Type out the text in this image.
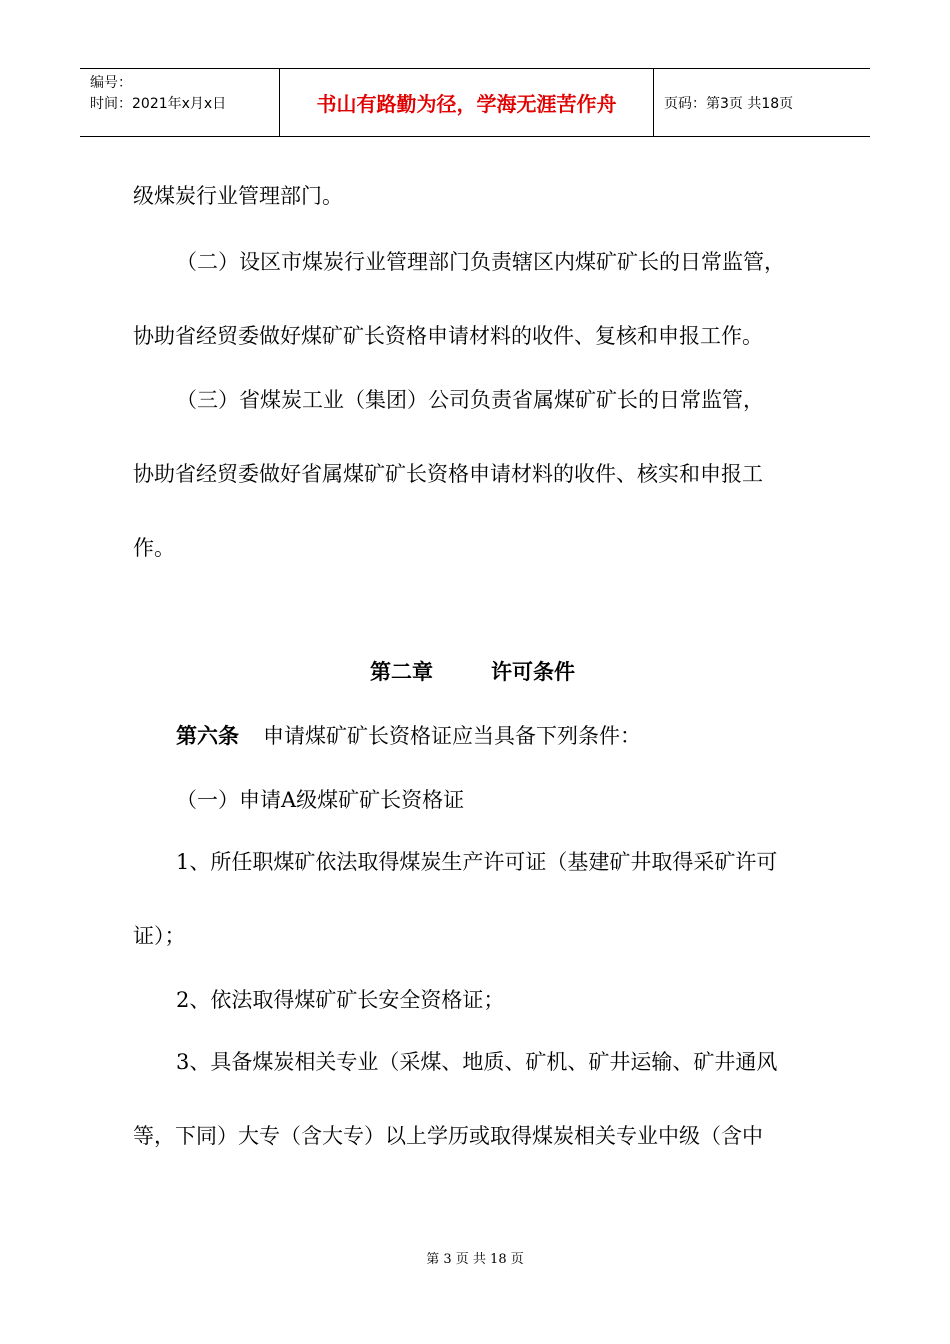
编号：
时间：2021年x月x日	书山有路勤为径，学海无涯苦作舟	页码：第3页 共18页
级煤炭行业管理部门。
（二）设区市煤炭行业管理部门负责辖区内煤矿矿长的日常监管，
协助省经贸委做好煤矿矿长资格申请材料的收件、复核和申报工作。
（三）省煤炭工业（集团）公司负责省属煤矿矿长的日常监管，
协助省经贸委做好省属煤矿矿长资格申请材料的收件、核实和申报工
作。
第二章	许可条件
第六条 申请煤矿矿长资格证应当具备下列条件：
（一）申请A级煤矿矿长资格证
1、所任职煤矿依法取得煤炭生产许可证（基建矿井取得采矿许可
证）；
2、依法取得煤矿矿长安全资格证；
3、具备煤炭相关专业（采煤、地质、矿机、矿井运输、矿井通风
等，下同）大专（含大专）以上学历或取得煤炭相关专业中级（含中
第 3 页 共 18 页
